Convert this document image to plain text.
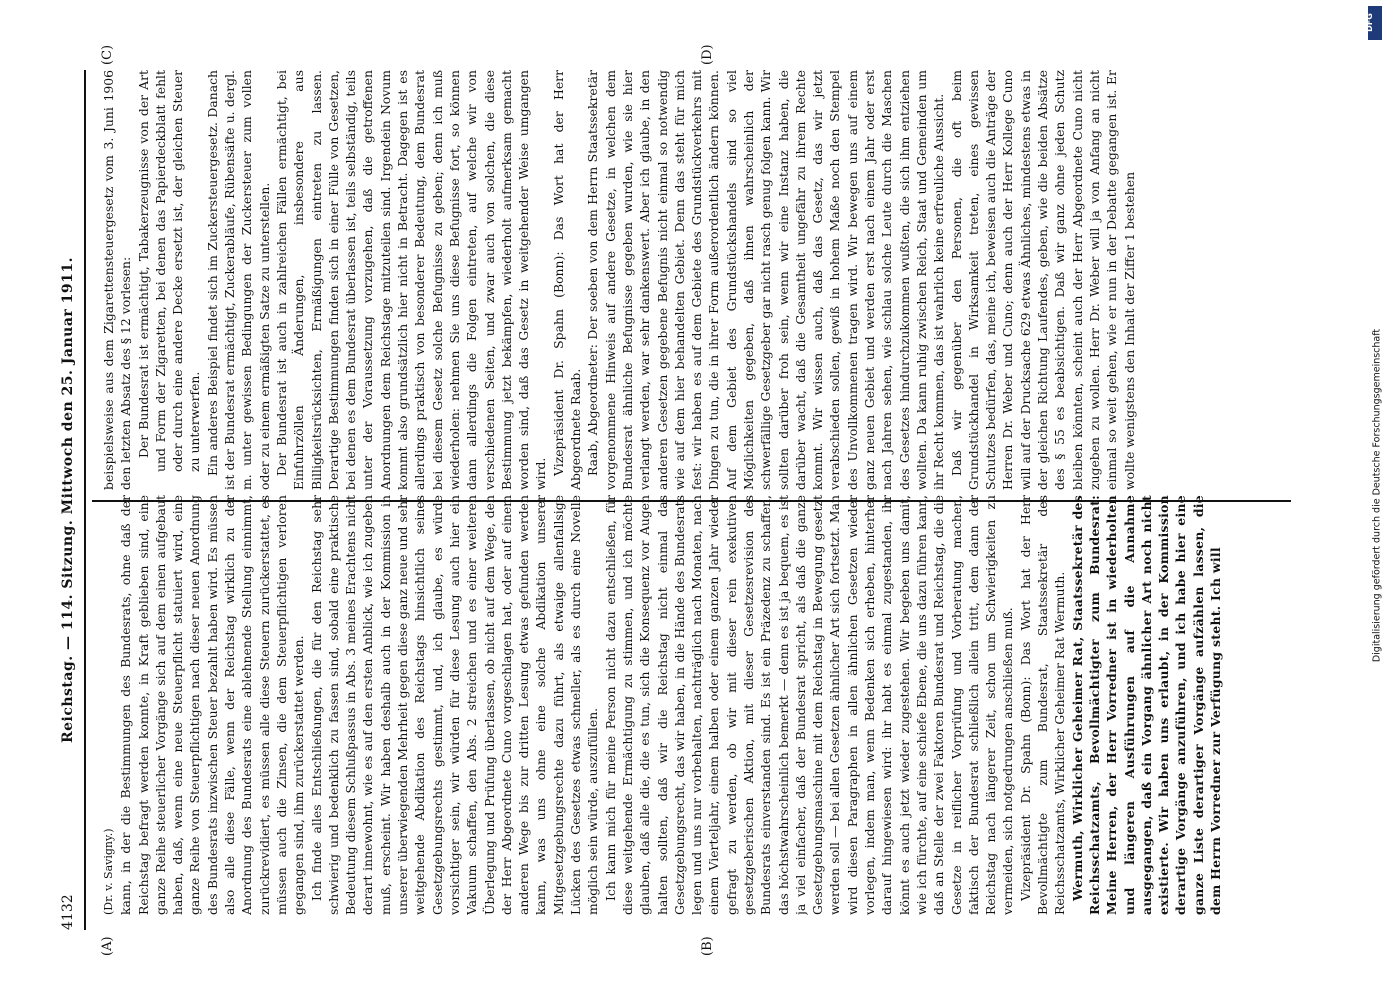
4132
Reichstag. — 114. Sitzung. Mittwoch den 25. Januar 1911.
(A)	(B)
(C)	(D)

(Dr. v. Savigny.) kann, in der die Bestimmungen des Bundesrats, ohne daß der Reichstag befragt werden konnte, in Kraft geblieben sind, eine ganze Reihe steuerlicher Vorgänge sich auf dem einen aufgebaut haben, daß, wenn eine neue Steuerpflicht statuiert wird, eine ganze Reihe von Steuerpflichtigen nach dieser neuen Anordnung des Bundesrats inzwischen Steuer bezahlt haben wird. Es müssen also alle diese Fälle, wenn der Reichstag wirklich zu der Anordnung des Bundesrats eine ablehnende Stellung einnimmt, zurückrevidiert, es müssen alle diese Steuern zurückerstattet, es müssen auch die Zinsen, die dem Steuerpflichtigen verloren gegangen sind, ihm zurückerstattet werden. Ich finde alles Entschließungen, die für den Reichstag sehr schwierig und bedenklich zu fassen sind, sobald eine praktische Bedeutung diesem Schlußpassus in Abs. 3 meines Erachtens nicht derart innewohnt, wie es auf den ersten Anblick, wie ich zugeben muß, erscheint. Wir haben deshalb auch in der Kommission in unserer überwiegenden Mehrheit gegen diese ganz neue und sehr weitgehende Abdikation des Reichstags hinsichtlich seines Gesetzgebungsrechts gestimmt, und, ich glaube, es würde vorsichtiger sein, wir würden für diese Lesung auch hier ein Vakuum schaffen, den Abs. 2 streichen und es einer weiteren Überlegung und Prüfung überlassen, ob nicht auf dem Wege, den der Herr Abgeordnete Cuno vorgeschlagen hat, oder auf einem anderen Wege bis zur dritten Lesung etwas gefunden werden kann, was uns ohne eine solche Abdikation unserer Mitgesetzgebungsrechte dazu führt, als etwaige allenfallsige Lücken des Gesetzes etwas schneller, als es durch eine Novelle möglich sein würde, auszufüllen. Ich kann mich für meine Person nicht dazu entschließen, für diese weitgehende Ermächtigung zu stimmen, und ich möchte glauben, daß alle die, die es tun, sich die Konsequenz vor Augen halten sollten, daß wir die Reichstag nicht einmal das Gesetzgebungsrecht, das wir haben, in die Hände des Bundesrats legen und uns nur vorbehalten, nachträglich nach Monaten, nach einem Vierteljahr, einem halben oder einem ganzen Jahr wieder gefragt zu werden, ob wir mit dieser rein exekutiven gesetzgeberischen Aktion, mit dieser Gesetzesrevision des Bundesrats einverstanden sind. Es ist ein Präzedenz zu schaffen, das höchstwahrscheinlich bemerkt — denn es ist ja bequem, es ist ja viel einfacher, daß der Bundesrat spricht, als daß die ganze Gesetzgebungsmaschine mit dem Reichstag in Bewegung gesetzt werden soll — bei allen Gesetzen ähnlicher Art sich fortsetzt. Man wird diesen Paragraphen in allen ähnlichen Gesetzen wieder vorlegen, indem man, wenn Bedenken sich erheben, hinterher darauf hingewiesen wird: ihr habt es einmal zugestanden, ihr könnt es auch jetzt wieder zugestehen. Wir begeben uns damit, wie ich fürchte, auf eine schiefe Ebene, die uns dazu führen kann, daß an Stelle der zwei Faktoren Bundesrat und Reichstag, die die Gesetze in reiflicher Vorprüfung und Vorberatung machen, faktisch der Bundesrat schließlich allein tritt, dem dann der Reichstag nach längerer Zeit, schon um Schwierigkeiten zu vermeiden, sich notgedrungen anschließen muß. Vizepräsident Dr. Spahn (Bonn): Das Wort hat der Herr Bevollmächtigte zum Bundesrat, Staatssekretär des Reichsschatzamts, Wirklicher Geheimer Rat Wermuth. Wermuth, Wirklicher Geheimer Rat, Staatssekretär des Reichsschatzamts, Bevollmächtigter zum Bundesrat: Meine Herren, der Herr Vorredner ist in wiederholten und längeren Ausführungen auf die Annahme ausgegangen, daß ein Vorgang ähnlicher Art noch nicht existierte. Wir haben uns erlaubt, in der Kommission derartige Vorgänge anzuführen, und ich habe hier eine ganze Liste derartiger Vorgänge aufzählen lassen, die dem Herrn Vorredner zur Verfügung steht. Ich will

beispielsweise aus dem Zigarettensteuergesetz vom 3. Juni 1906 den letzten Absatz des § 12 vorlesen: Der Bundesrat ist ermächtigt, Tabakerzeugnisse von der Art und Form der Zigaretten, bei denen das Papierdeckblatt fehlt oder durch eine andere Decke ersetzt ist, der gleichen Steuer zu unterwerfen. Ein anderes Beispiel findet sich im Zuckersteuergesetz. Danach ist der Bundesrat ermächtigt, Zuckerabläufe, Rübensäfte u. dergl. m. unter gewissen Bedingungen der Zuckersteuer zum vollen oder zu einem ermäßigten Satze zu unterstellen. Der Bundesrat ist auch in zahlreichen Fällen ermächtigt, bei Einfuhrzöllen Änderungen, insbesondere aus Billigkeitsrücksichten, Ermäßigungen eintreten zu lassen. Derartige Bestimmungen finden sich in einer Fülle von Gesetzen, bei denen es dem Bundesrat überlassen ist, teils selbständig, teils unter der Voraussetzung vorzugehen, daß die getroffenen Anordnungen dem Reichstage mitzuteilen sind. Irgendein Novum kommt also grundsätzlich hier nicht in Betracht. Dagegen ist es allerdings praktisch von besonderer Bedeutung, dem Bundesrat bei diesem Gesetz solche Befugnisse zu geben; denn ich muß wiederholen: nehmen Sie uns diese Befugnisse fort, so können dann allerdings die Folgen eintreten, auf welche wir von verschiedenen Seiten, und zwar auch von solchen, die diese Bestimmung jetzt bekämpfen, wiederholt aufmerksam gemacht worden sind, daß das Gesetz in weitgehender Weise umgangen wird. Vizepräsident Dr. Spahn (Bonn): Das Wort hat der Herr Abgeordnete Raab. Raab, Abgeordneter: Der soeben von dem Herrn Staatssekretär vorgenommene Hinweis auf andere Gesetze, in welchen dem Bundesrat ähnliche Befugnisse gegeben wurden, wie sie hier verlangt werden, war sehr dankenswert. Aber ich glaube, in den anderen Gesetzen gegebene Befugnis nicht einmal so notwendig wie auf dem hier behandelten Gebiet. Denn das steht für mich fest: wir haben es auf dem Gebiete des Grundstückverkehrs mit Dingen zu tun, die in ihrer Form außerordentlich ändern können. Auf dem Gebiet des Grundstückshandels sind so viel Möglichkeiten gegeben, daß ihnen wahrscheinlich der schwerfällige Gesetzgeber gar nicht rasch genug folgen kann. Wir sollten darüber froh sein, wenn wir eine Instanz haben, die darüber wacht, daß die Gesamtheit ungefähr zu ihrem Rechte kommt. Wir wissen auch, daß das Gesetz, das wir jetzt verabschieden sollen, gewiß in hohem Maße noch den Stempel des Unvollkommenen tragen wird. Wir bewegen uns auf einem ganz neuen Gebiet und werden erst nach einem Jahr oder erst nach Jahren sehen, wie schlau solche Leute durch die Maschen des Gesetzes hindurchzukommen wußten, die sich ihm entziehen wollten. Da kann ruhig zwischen Reich, Staat und Gemeinden um ihr Recht kommen, das ist wahrlich keine erfreuliche Aussicht. Daß wir gegenüber den Personen, die oft beim Grundstückhandel in Wirksamkeit treten, eines gewissen Schutzes bedürfen, das, meine ich, beweisen auch die Anträge der Herren Dr. Weber und Cuno; denn auch der Herr Kollege Cuno will auf der Drucksache 629 etwas Ähnliches, mindestens etwas in der gleichen Richtung Laufendes, geben, wie die beiden Absätze des § 55 es beabsichtigen. Daß wir ganz ohne jeden Schutz bleiben könnten, scheint auch der Herr Abgeordnete Cuno nicht zugeben zu wollen. Herr Dr. Weber will ja von Anfang an nicht einmal so weit gehen, wie er nun in der Debatte gegangen ist. Er wollte wenigstens den Inhalt der Ziffer 1 bestehen

DFG
Digitalisierung gefördert durch die Deutsche Forschungsgemeinschaft
